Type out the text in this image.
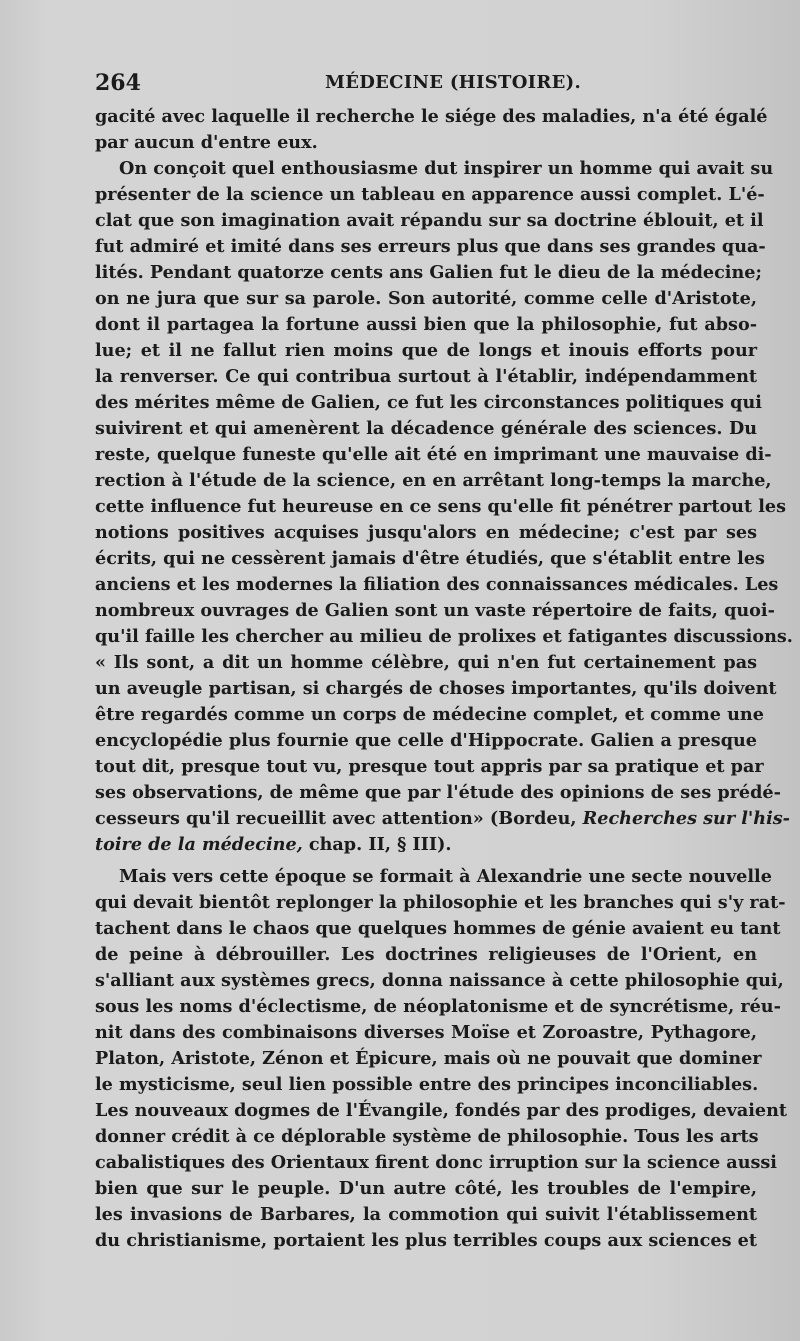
264	MÉDECINE (HISTOIRE).
gacité avec laquelle il recherche le siége des maladies, n'a été égalé
par aucun d'entre eux.
On conçoit quel enthousiasme dut inspirer un homme qui avait su
présenter de la science un tableau en apparence aussi complet. L'é-
clat que son imagination avait répandu sur sa doctrine éblouit, et il
fut admiré et imité dans ses erreurs plus que dans ses grandes qua-
lités. Pendant quatorze cents ans Galien fut le dieu de la médecine;
on ne jura que sur sa parole. Son autorité, comme celle d'Aristote,
dont il partagea la fortune aussi bien que la philosophie, fut abso-
lue; et il ne fallut rien moins que de longs et inouis efforts pour
la renverser. Ce qui contribua surtout à l'établir, indépendamment
des mérites même de Galien, ce fut les circonstances politiques qui
suivirent et qui amenèrent la décadence générale des sciences. Du
reste, quelque funeste qu'elle ait été en imprimant une mauvaise di-
rection à l'étude de la science, en en arrêtant long-temps la marche,
cette influence fut heureuse en ce sens qu'elle fit pénétrer partout les
notions positives acquises jusqu'alors en médecine; c'est par ses
écrits, qui ne cessèrent jamais d'être étudiés, que s'établit entre les
anciens et les modernes la filiation des connaissances médicales. Les
nombreux ouvrages de Galien sont un vaste répertoire de faits, quoi-
qu'il faille les chercher au milieu de prolixes et fatigantes discussions.
« Ils sont, a dit un homme célèbre, qui n'en fut certainement pas
un aveugle partisan, si chargés de choses importantes, qu'ils doivent
être regardés comme un corps de médecine complet, et comme une
encyclopédie plus fournie que celle d'Hippocrate. Galien a presque
tout dit, presque tout vu, presque tout appris par sa pratique et par
ses observations, de même que par l'étude des opinions de ses prédé-
cesseurs qu'il recueillit avec attention» (Bordeu, Recherches sur l'his-
toire de la médecine, chap. II, § III).
Mais vers cette époque se formait à Alexandrie une secte nouvelle
qui devait bientôt replonger la philosophie et les branches qui s'y rat-
tachent dans le chaos que quelques hommes de génie avaient eu tant
de peine à débrouiller. Les doctrines religieuses de l'Orient, en
s'alliant aux systèmes grecs, donna naissance à cette philosophie qui,
sous les noms d'éclectisme, de néoplatonisme et de syncrétisme, réu-
nit dans des combinaisons diverses Moïse et Zoroastre, Pythagore,
Platon, Aristote, Zénon et Épicure, mais où ne pouvait que dominer
le mysticisme, seul lien possible entre des principes inconciliables.
Les nouveaux dogmes de l'Évangile, fondés par des prodiges, devaient
donner crédit à ce déplorable système de philosophie. Tous les arts
cabalistiques des Orientaux firent donc irruption sur la science aussi
bien que sur le peuple. D'un autre côté, les troubles de l'empire,
les invasions de Barbares, la commotion qui suivit l'établissement
du christianisme, portaient les plus terribles coups aux sciences et
